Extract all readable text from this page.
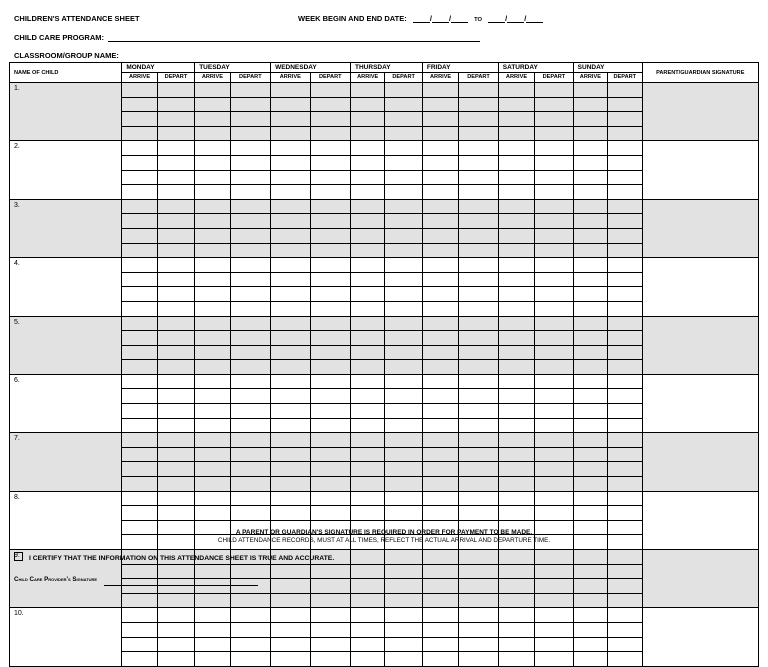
CHILDREN'S ATTENDANCE SHEET	WEEK BEGIN AND END DATE:	/ /	TO	/ /
CHILD CARE PROGRAM:
CLASSROOM/GROUP NAME:
NAME OF CHILD	MONDAY		TUESDAY		WEDNESDAY		THURSDAY		FRIDAY		SATURDAY		SUNDAY		PARENT/GUARDIAN SIGNATURE
	ARRIVE	DEPART	ARRIVE	DEPART	ARRIVE	DEPART	ARRIVE	DEPART	ARRIVE	DEPART	ARRIVE	DEPART	ARRIVE	DEPART	
1.															

2.															

3.															

4.															

5.															

6.															

7.															

8.															

9.															

10.															

A PARENT OR GUARDIAN'S SIGNATURE IS REQUIRED IN ORDER FOR PAYMENT TO BE MADE.
CHILD ATTENDANCE RECORDS, MUST AT ALL TIMES, REFLECT THE ACTUAL ARRIVAL AND DEPARTURE TIME.
I CERTIFY THAT THE INFORMATION ON THIS ATTENDANCE SHEET IS TRUE AND ACCURATE.
Child Care Provider's Signature
